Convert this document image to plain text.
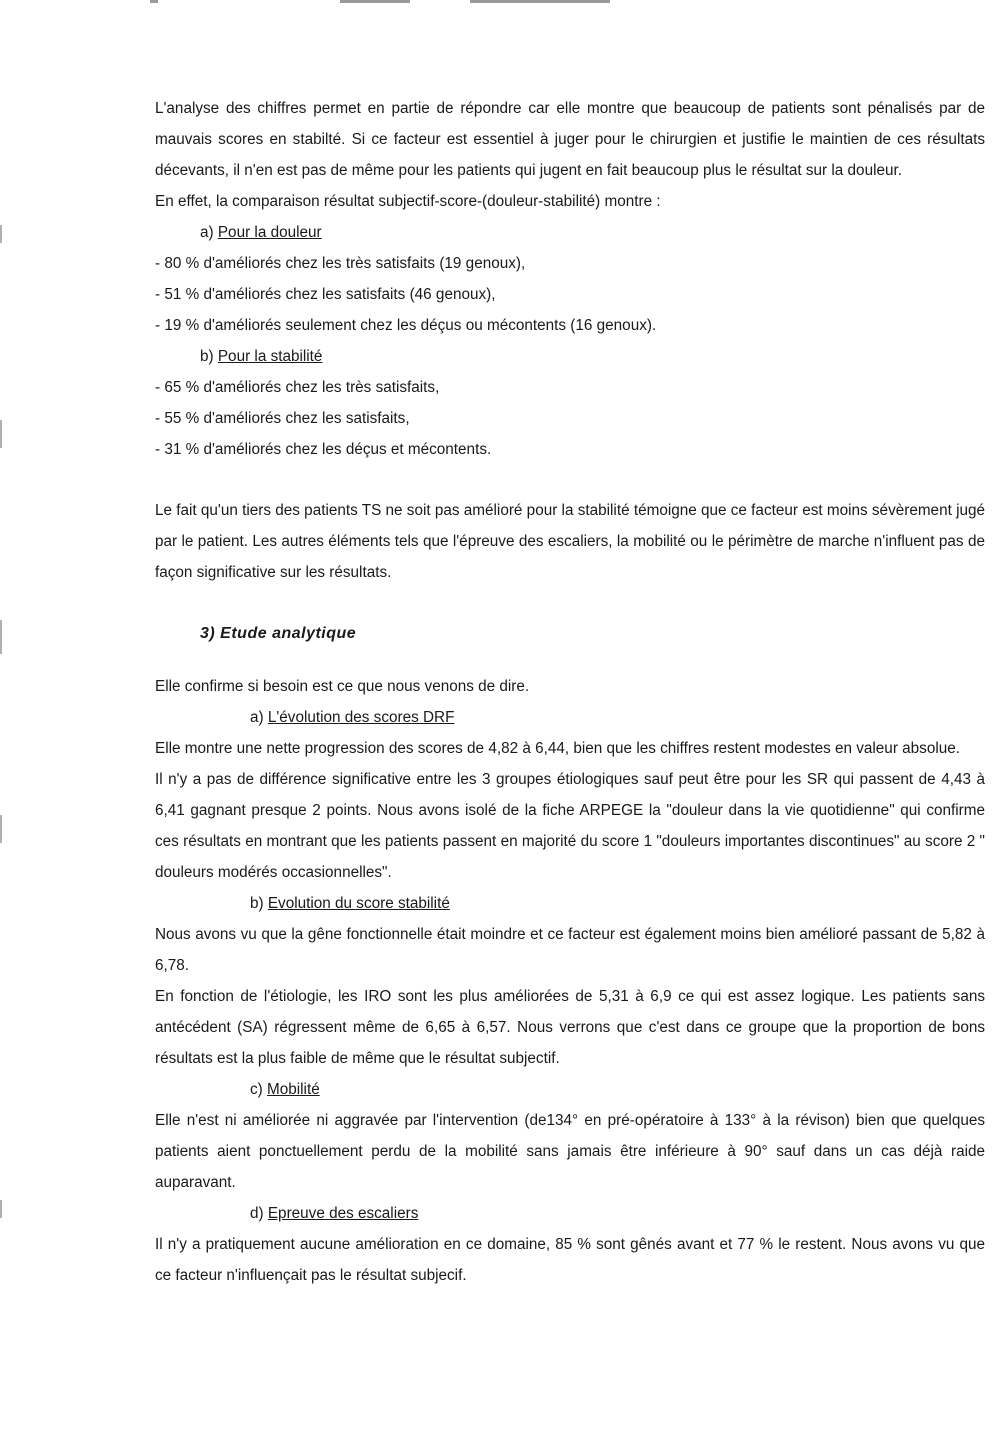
L'analyse des chiffres permet en partie de répondre car elle montre que beaucoup de patients sont pénalisés par de mauvais scores en stabilté. Si ce facteur est essentiel à juger pour le chirurgien et justifie le maintien de ces résultats décevants, il n'en est pas de même pour les patients qui jugent en fait beaucoup plus le résultat sur la douleur.

En effet, la comparaison résultat subjectif-score-(douleur-stabilité) montre :

a) Pour la douleur

- 80 % d'améliorés chez les très satisfaits (19 genoux),

- 51 % d'améliorés chez les satisfaits (46 genoux),

- 19 % d'améliorés seulement chez les déçus ou mécontents (16 genoux).

b) Pour la stabilité

- 65 % d'améliorés chez les très satisfaits,

- 55 % d'améliorés chez les satisfaits,

- 31 % d'améliorés chez les déçus et mécontents.

Le fait qu'un tiers des patients TS ne soit pas amélioré pour la stabilité témoigne que ce facteur est moins sévèrement jugé par le patient. Les autres éléments tels que l'épreuve des escaliers, la mobilité ou le périmètre de marche n'influent pas de façon significative sur les résultats.

3) Etude analytique

Elle confirme si besoin est ce que nous venons de dire.

a) L'évolution des scores DRF

Elle montre une nette progression des scores de 4,82 à 6,44, bien que les chiffres restent modestes en valeur absolue.

Il n'y a pas de différence significative entre les 3 groupes étiologiques sauf peut être pour les SR qui passent de 4,43 à 6,41 gagnant presque 2 points. Nous avons isolé de la fiche ARPEGE la "douleur dans la vie quotidienne" qui confirme ces résultats en montrant que les patients passent en majorité du score 1 "douleurs importantes discontinues" au score 2 " douleurs modérés occasionnelles".

b) Evolution du score stabilité

Nous avons vu que la gêne fonctionnelle était moindre et ce facteur est également moins bien amélioré passant de 5,82 à 6,78.

En fonction de l'étiologie, les IRO sont les plus améliorées de 5,31 à 6,9 ce qui est assez logique. Les patients sans antécédent (SA) régressent même de 6,65 à 6,57. Nous verrons que c'est dans ce groupe que la proportion de bons résultats est la plus faible de même que le résultat subjectif.

c) Mobilité

Elle n'est ni améliorée ni aggravée par l'intervention (de134° en pré-opératoire à 133° à la révison) bien que quelques patients aient ponctuellement perdu de la mobilité sans jamais être inférieure à 90° sauf dans un cas déjà raide auparavant.

d) Epreuve des escaliers

Il n'y a pratiquement aucune amélioration en ce domaine, 85 % sont gênés avant et 77 % le restent. Nous avons vu que ce facteur n'influençait pas le résultat subjecif.
